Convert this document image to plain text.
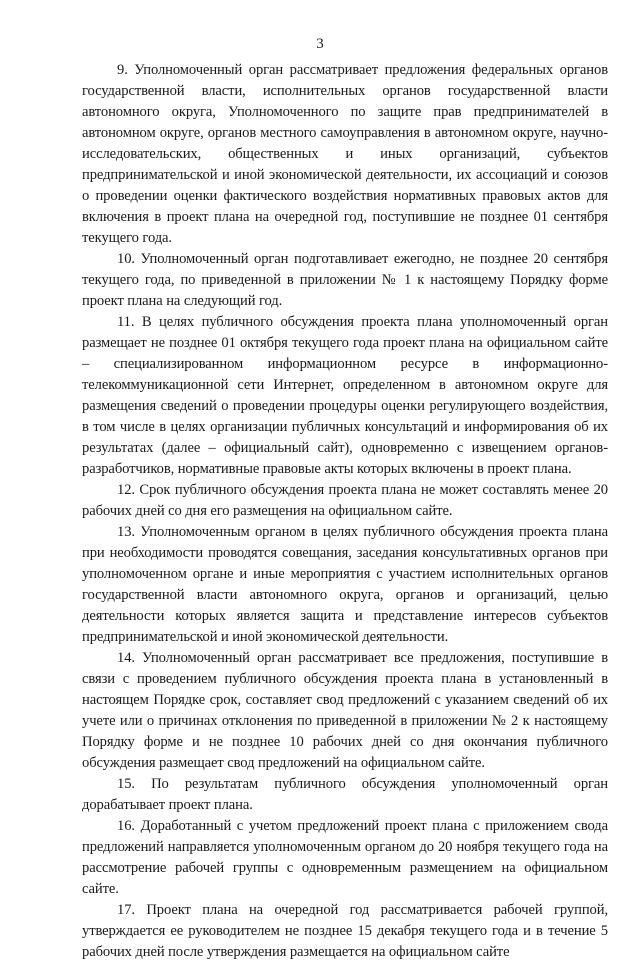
3

9. Уполномоченный орган рассматривает предложения федеральных органов государственной власти, исполнительных органов государственной власти автономного округа, Уполномоченного по защите прав предпринимателей в автономном округе, органов местного самоуправления в автономном округе, научно-исследовательских, общественных и иных организаций, субъектов предпринимательской и иной экономической деятельности, их ассоциаций и союзов о проведении оценки фактического воздействия нормативных правовых актов для включения в проект плана на очередной год, поступившие не позднее 01 сентября текущего года.

10. Уполномоченный орган подготавливает ежегодно, не позднее 20 сентября текущего года, по приведенной в приложении № 1 к настоящему Порядку форме проект плана на следующий год.

11. В целях публичного обсуждения проекта плана уполномоченный орган размещает не позднее 01 октября текущего года проект плана на официальном сайте – специализированном информационном ресурсе в информационно-телекоммуникационной сети Интернет, определенном в автономном округе для размещения сведений о проведении процедуры оценки регулирующего воздействия, в том числе в целях организации публичных консультаций и информирования об их результатах (далее – официальный сайт), одновременно с извещением органов-разработчиков, нормативные правовые акты которых включены в проект плана.

12. Срок публичного обсуждения проекта плана не может составлять менее 20 рабочих дней со дня его размещения на официальном сайте.

13. Уполномоченным органом в целях публичного обсуждения проекта плана при необходимости проводятся совещания, заседания консультативных органов при уполномоченном органе и иные мероприятия с участием исполнительных органов государственной власти автономного округа, органов и организаций, целью деятельности которых является защита и представление интересов субъектов предпринимательской и иной экономической деятельности.

14. Уполномоченный орган рассматривает все предложения, поступившие в связи с проведением публичного обсуждения проекта плана в установленный в настоящем Порядке срок, составляет свод предложений с указанием сведений об их учете или о причинах отклонения по приведенной в приложении № 2 к настоящему Порядку форме и не позднее 10 рабочих дней со дня окончания публичного обсуждения размещает свод предложений на официальном сайте.

15. По результатам публичного обсуждения уполномоченный орган дорабатывает проект плана.

16. Доработанный с учетом предложений проект плана с приложением свода предложений направляется уполномоченным органом до 20 ноября текущего года на рассмотрение рабочей группы с одновременным размещением на официальном сайте.

17. Проект плана на очередной год рассматривается рабочей группой, утверждается ее руководителем не позднее 15 декабря текущего года и в течение 5 рабочих дней после утверждения размещается на официальном сайте
